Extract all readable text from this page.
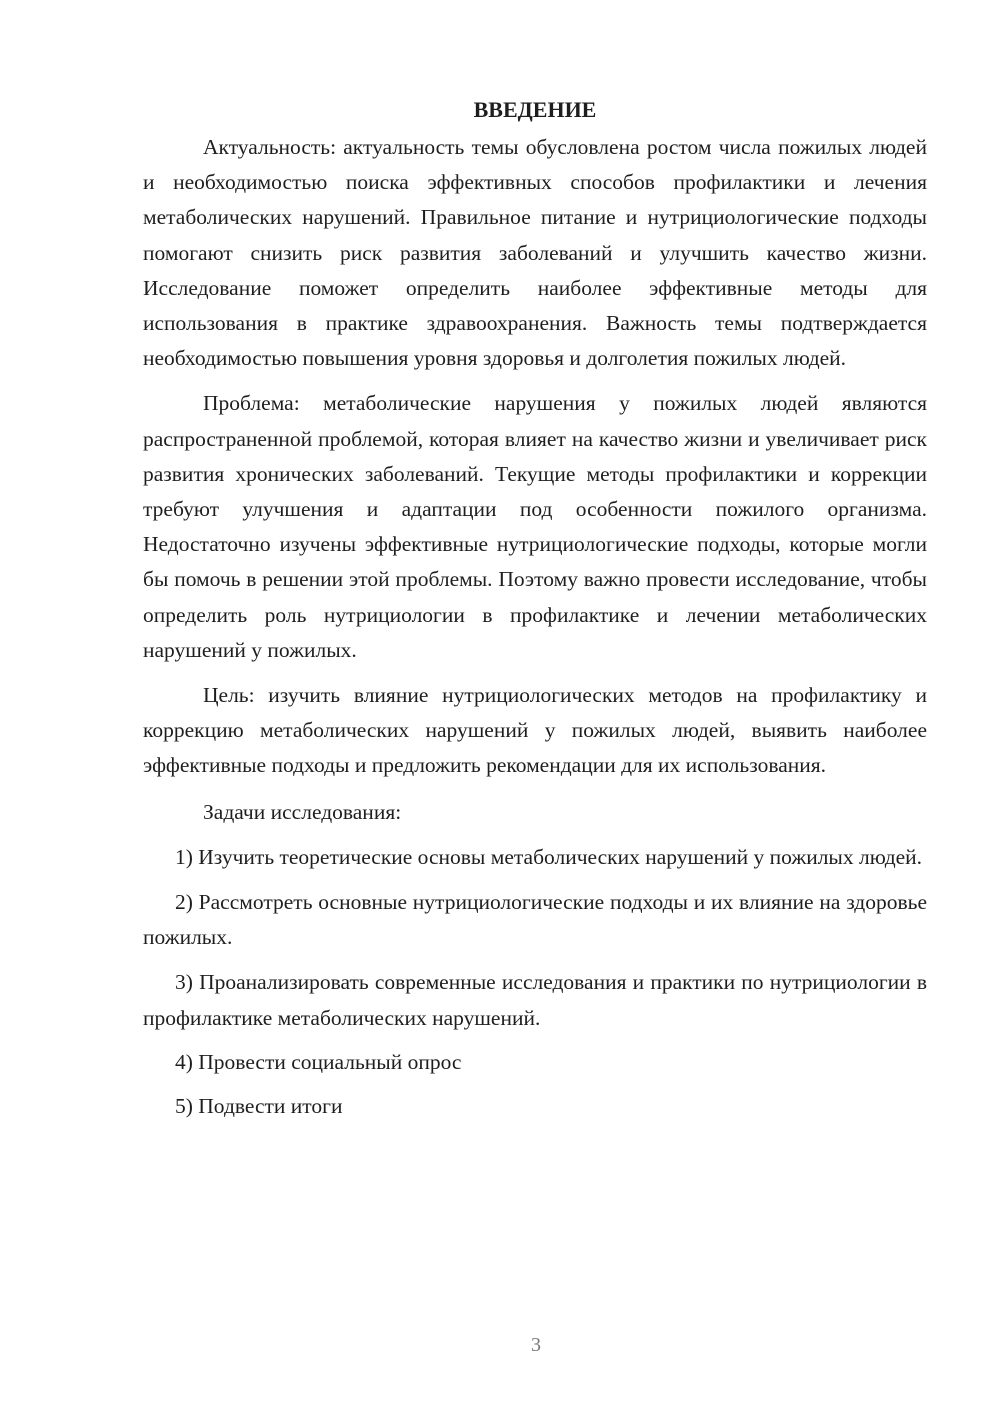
ВВЕДЕНИЕ

Актуальность: актуальность темы обусловлена ростом числа пожилых людей и необходимостью поиска эффективных способов профилактики и лечения метаболических нарушений. Правильное питание и нутрициологические подходы помогают снизить риск развития заболеваний и улучшить качество жизни. Исследование поможет определить наиболее эффективные методы для использования в практике здравоохранения. Важность темы подтверждается необходимостью повышения уровня здоровья и долголетия пожилых людей.

Проблема: метаболические нарушения у пожилых людей являются распространенной проблемой, которая влияет на качество жизни и увеличивает риск развития хронических заболеваний. Текущие методы профилактики и коррекции требуют улучшения и адаптации под особенности пожилого организма. Недостаточно изучены эффективные нутрициологические подходы, которые могли бы помочь в решении этой проблемы. Поэтому важно провести исследование, чтобы определить роль нутрициологии в профилактике и лечении метаболических нарушений у пожилых.

Цель: изучить влияние нутрициологических методов на профилактику и коррекцию метаболических нарушений у пожилых людей, выявить наиболее эффективные подходы и предложить рекомендации для их использования.

Задачи исследования:

1) Изучить теоретические основы метаболических нарушений у пожилых людей.

2) Рассмотреть основные нутрициологические подходы и их влияние на здоровье пожилых.

3) Проанализировать современные исследования и практики по нутрициологии в профилактике метаболических нарушений.

4) Провести социальный опрос

5) Подвести итоги

3
